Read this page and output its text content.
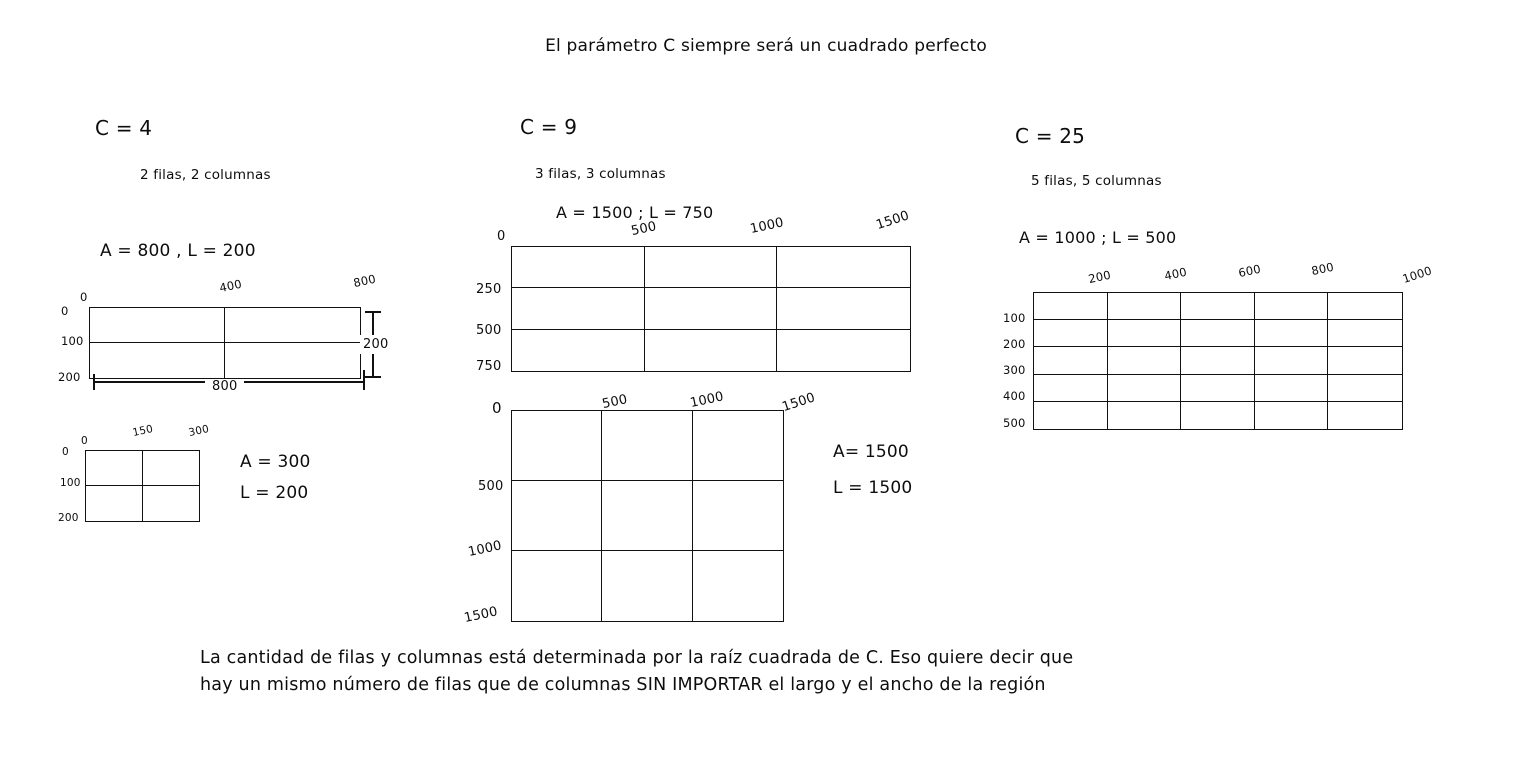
El parámetro C siempre será un cuadrado perfecto
C = 4
2 filas, 2 columnas
A = 800 , L = 200
0
400	800
0
100
200
800
200
0
150	300
0
100
200
A = 300
L = 200
C = 9
3 filas, 3 columnas
A = 1500 ; L = 750
0	500	1000	1500
250
500
750
0	500	1000	1500
500
1000
1500
A= 1500
L = 1500
C = 25
5 filas, 5 columnas
A = 1000 ; L = 500
200	400	600	800	1000
100
200
300
400
500
La cantidad de filas y columnas está determinada por la raíz cuadrada de C. Eso quiere decir que
hay un mismo número de filas que de columnas SIN IMPORTAR el largo y el ancho de la región
